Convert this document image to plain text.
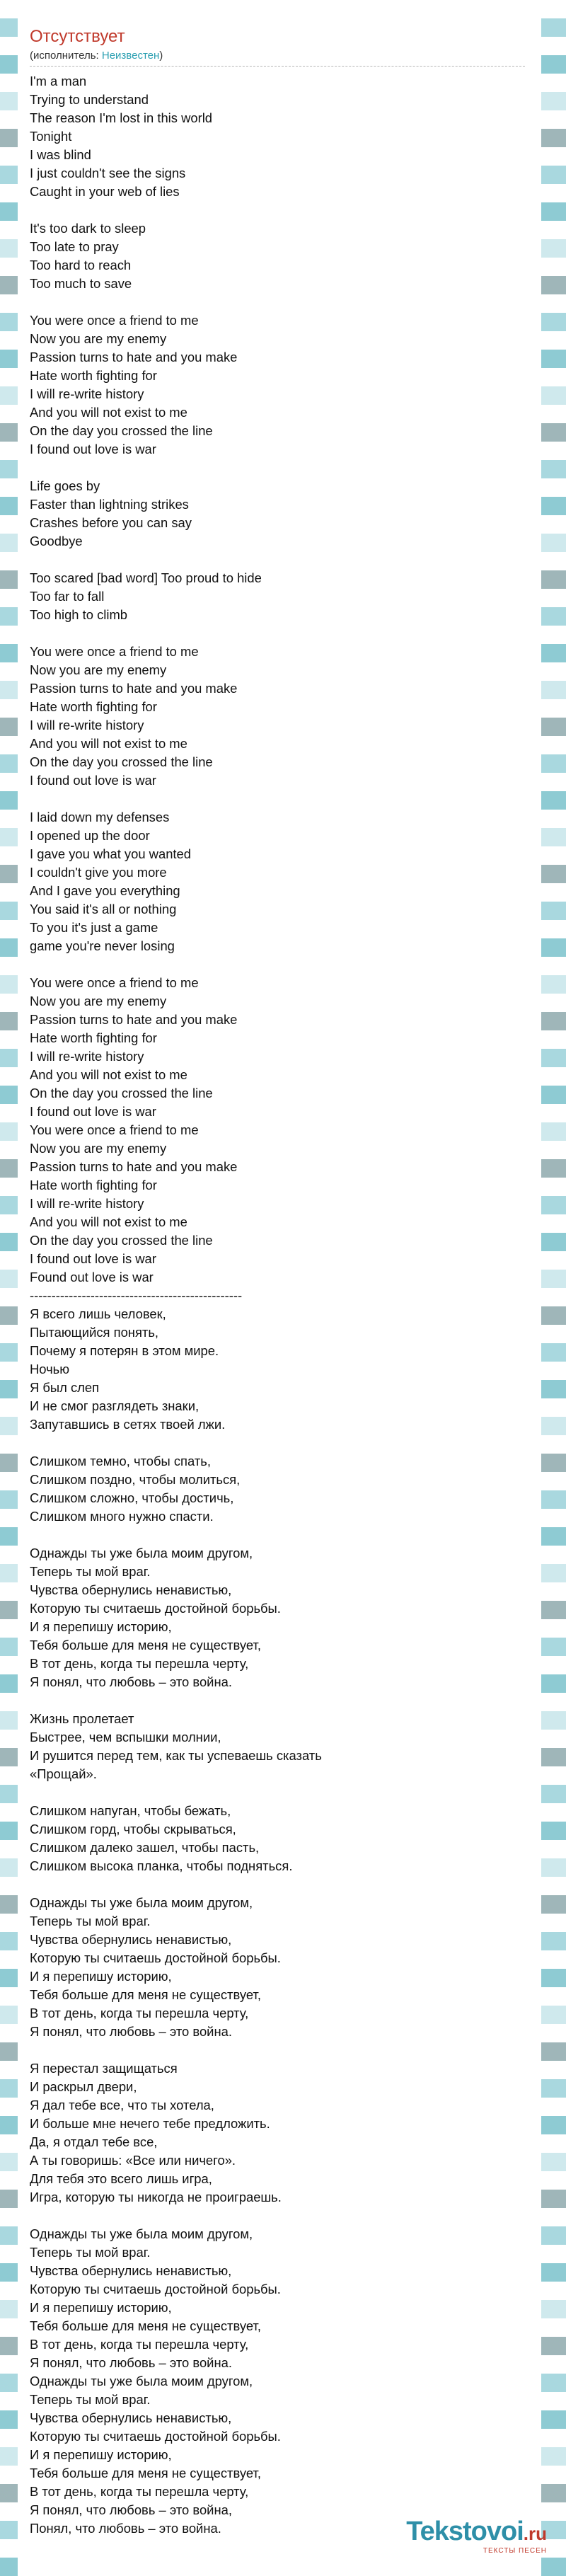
Отсутствует
(исполнитель: Неизвестен)
I'm a man
Trying to understand
The reason I'm lost in this world
Tonight
I was blind
I just couldn't see the signs
Caught in your web of lies

It's too dark to sleep
Too late to pray
Too hard to reach
Too much to save

You were once a friend to me
Now you are my enemy
Passion turns to hate and you make
Hate worth fighting for
I will re-write history
And you will not exist to me
On the day you crossed the line
I found out love is war

Life goes by
Faster than lightning strikes
Crashes before you can say
Goodbye

Too scared [bad word] Too proud to hide
Too far to fall
Too high to climb

You were once a friend to me
Now you are my enemy
Passion turns to hate and you make
Hate worth fighting for
I will re-write history
And you will not exist to me
On the day you crossed the line
I found out love is war

I laid down my defenses
I opened up the door
I gave you what you wanted
I couldn't give you more
And I gave you everything
You said it's all or nothing
To you it's just a game
game you're never losing

You were once a friend to me
Now you are my enemy
Passion turns to hate and you make
Hate worth fighting for
I will re-write history
And you will not exist to me
On the day you crossed the line
I found out love is war
You were once a friend to me
Now you are my enemy
Passion turns to hate and you make
Hate worth fighting for
I will re-write history
And you will not exist to me
On the day you crossed the line
I found out love is war
Found out love is war
-------------------------------------------------
Я всего лишь человек,
Пытающийся понять,
Почему я потерян в этом мире.
Ночью
Я был слеп
И не смог разглядеть знаки,
Запутавшись в сетях твоей лжи.

Слишком темно, чтобы спать,
Слишком поздно, чтобы молиться,
Слишком сложно, чтобы достичь,
Слишком много нужно спасти.

Однажды ты уже была моим другом,
Теперь ты мой враг.
Чувства обернулись ненавистью,
Которую ты считаешь достойной борьбы.
И я перепишу историю,
Тебя больше для меня не существует,
В тот день, когда ты перешла черту,
Я понял, что любовь – это война.

Жизнь пролетает
Быстрее, чем вспышки молнии,
И рушится перед тем, как ты успеваешь сказать
«Прощай».

Слишком напуган, чтобы бежать,
Слишком горд, чтобы скрываться,
Слишком далеко зашел, чтобы пасть,
Слишком высока планка, чтобы подняться.

Однажды ты уже была моим другом,
Теперь ты мой враг.
Чувства обернулись ненавистью,
Которую ты считаешь достойной борьбы.
И я перепишу историю,
Тебя больше для меня не существует,
В тот день, когда ты перешла черту,
Я понял, что любовь – это война.

Я перестал защищаться
И раскрыл двери,
Я дал тебе все, что ты хотела,
И больше мне нечего тебе предложить.
Да, я отдал тебе все,
А ты говоришь: «Все или ничего».
Для тебя это всего лишь игра,
Игра, которую ты никогда не проиграешь.

Однажды ты уже была моим другом,
Теперь ты мой враг.
Чувства обернулись ненавистью,
Которую ты считаешь достойной борьбы.
И я перепишу историю,
Тебя больше для меня не существует,
В тот день, когда ты перешла черту,
Я понял, что любовь – это война.
Однажды ты уже была моим другом,
Теперь ты мой враг.
Чувства обернулись ненавистью,
Которую ты считаешь достойной борьбы.
И я перепишу историю,
Тебя больше для меня не существует,
В тот день, когда ты перешла черту,
Я понял, что любовь – это война,
Понял, что любовь – это война.	Tekstovoi.ru
ТЕКСТЫ ПЕСЕН
